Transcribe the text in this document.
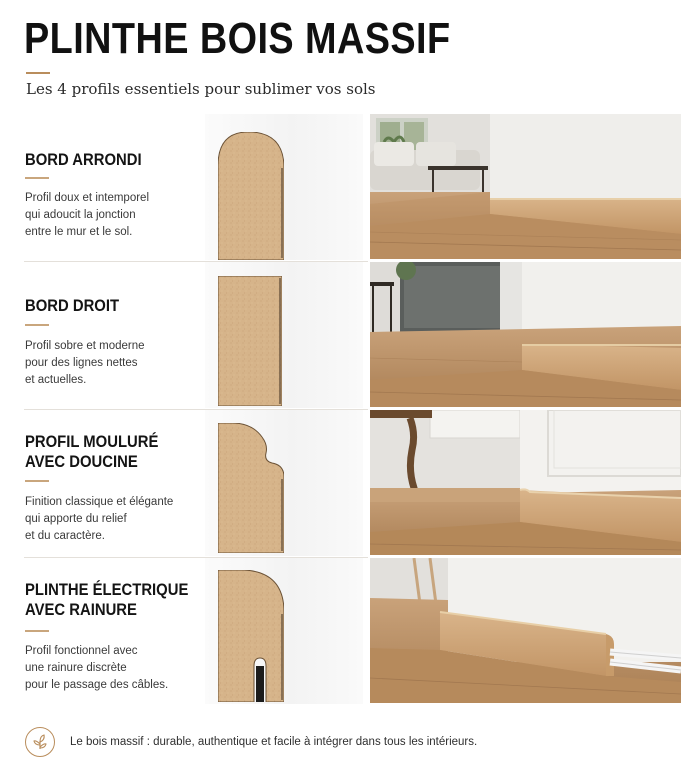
PLINTHE BOIS MASSIF
Les 4 profils essentiels pour sublimer vos sols
BORD ARRONDI
Profil doux et intemporel
qui adoucit la jonction
entre le mur et le sol.
BORD DROIT
Profil sobre et moderne
pour des lignes nettes
et actuelles.
PROFIL MOULURÉ
AVEC DOUCINE
Finition classique et élégante
qui apporte du relief
et du caractère.
PLINTHE ÉLECTRIQUE
AVEC RAINURE
Profil fonctionnel avec
une rainure discrète
pour le passage des câbles.
Le bois massif : durable, authentique et facile à intégrer dans tous les intérieurs.
